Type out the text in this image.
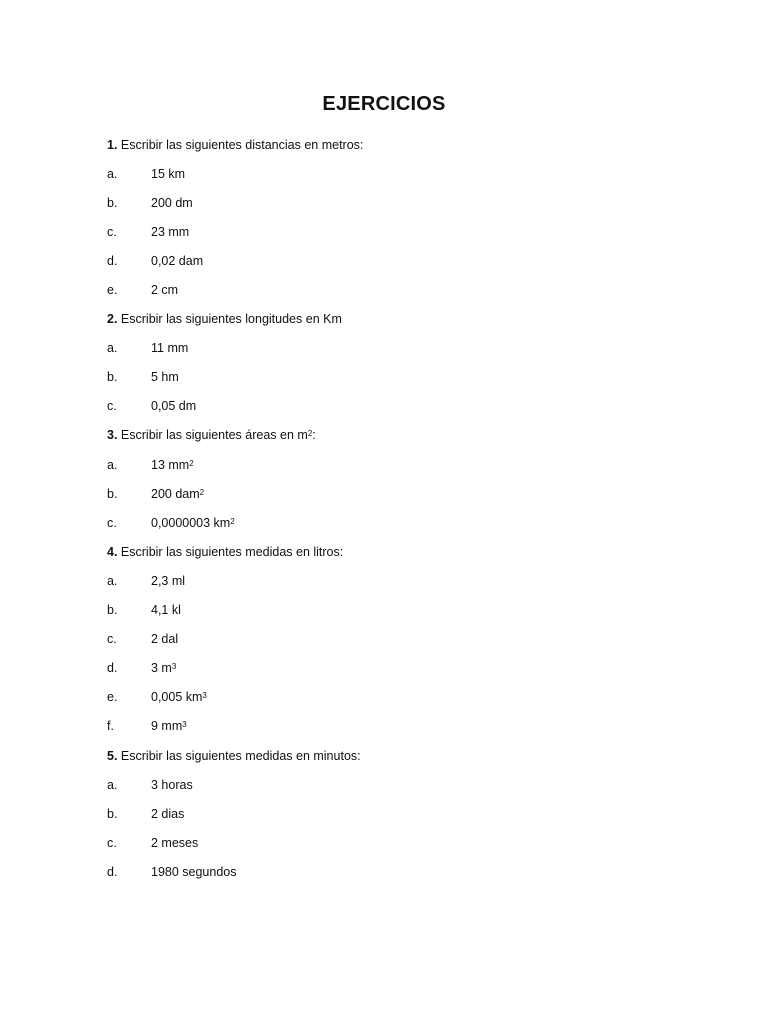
EJERCICIOS
1.
Escribir las siguientes distancias en metros:
a.	15 km
b.	200 dm
c.	23 mm
d.	0,02 dam
e.	2 cm
2.
Escribir las siguientes longitudes en Km
a.	11 mm
b.	5 hm
c.	0,05 dm
3.
Escribir las siguientes áreas en $m^2$ :
a.	13 $mm^2$
b.	200 dam$^2$
c.	0,0000003 $km^2$
4.
Escribir las siguientes medidas en litros:
a.	2,3 ml
b.	4,1 kl
c.	2 dal
d.	3 $m^3$
e.	0,005 $km^3$
f.	9 $mm^3$
5.
Escribir las siguientes medidas en minutos:
a.	3 horas
b.	2 dias
c.	2 meses
d.	1980 segundos
